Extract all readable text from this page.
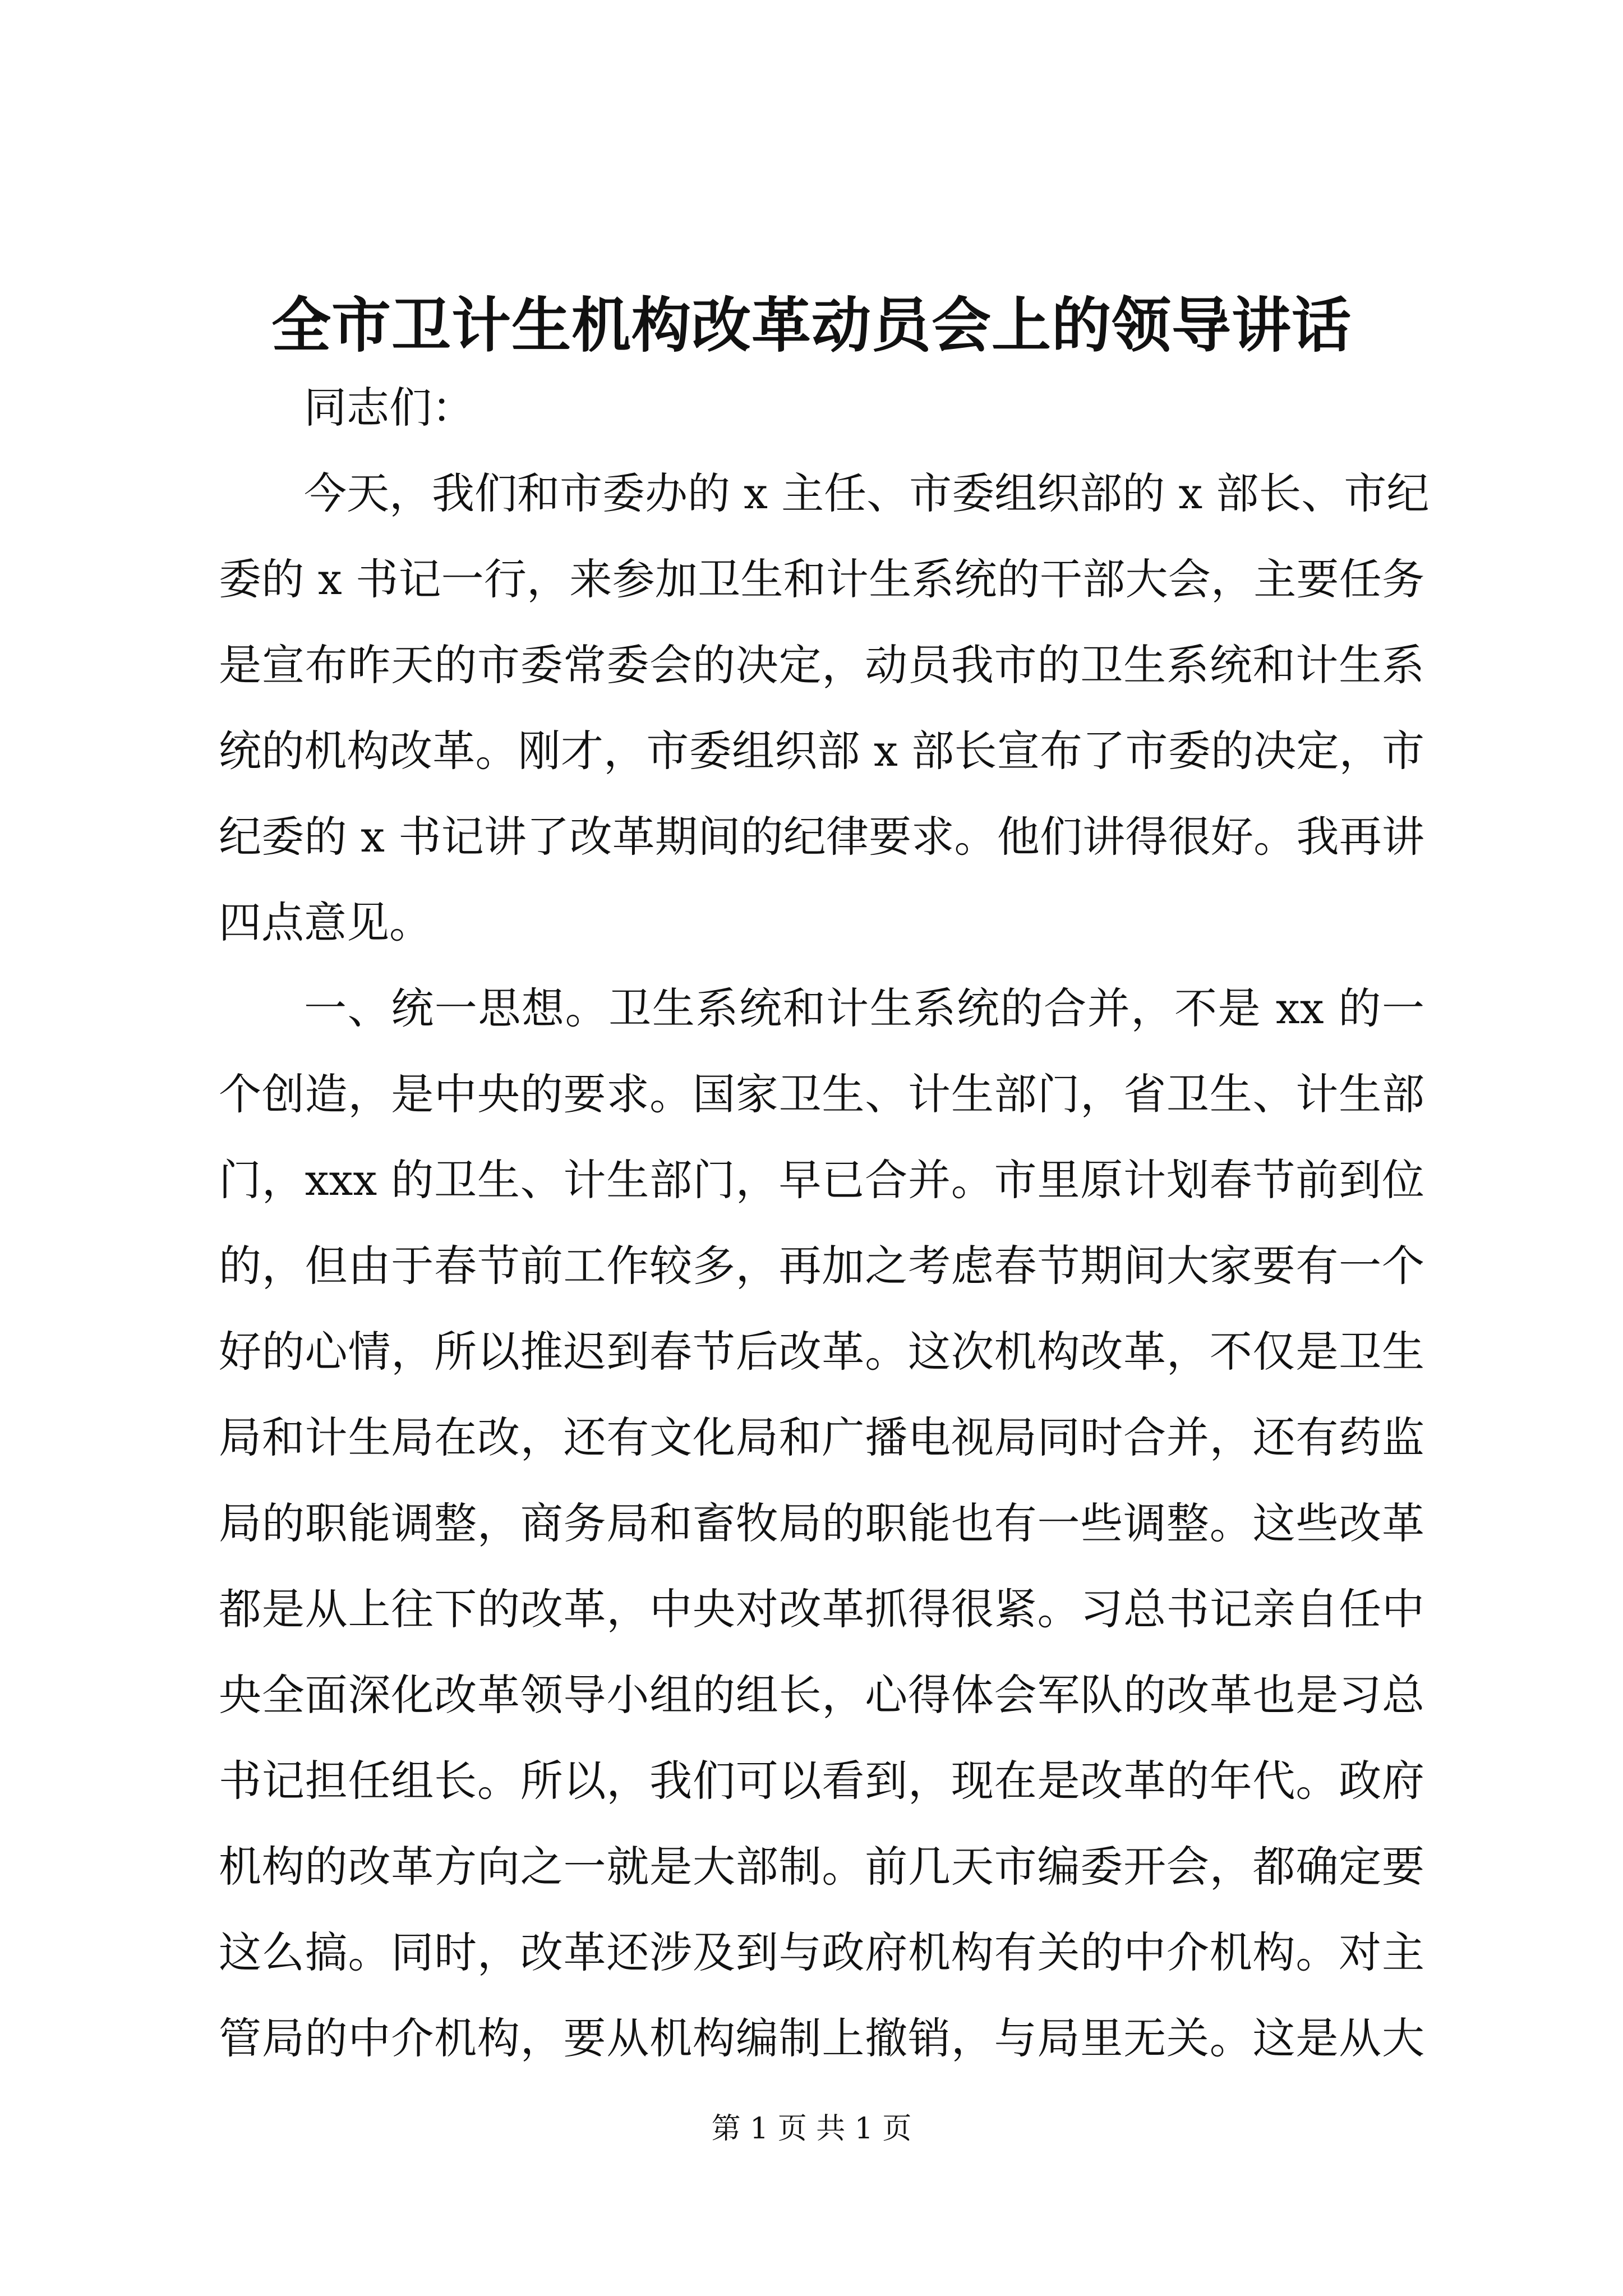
全市卫计生机构改革动员会上的领导讲话
同志们：
今天，我们和市委办的 x 主任、市委组织部的 x 部长、市纪
委的 x 书记一行，来参加卫生和计生系统的干部大会，主要任务
是宣布昨天的市委常委会的决定，动员我市的卫生系统和计生系
统的机构改革。刚才，市委组织部 x 部长宣布了市委的决定，市
纪委的 x 书记讲了改革期间的纪律要求。他们讲得很好。我再讲
四点意见。
一、统一思想。卫生系统和计生系统的合并，不是 xx 的一
个创造，是中央的要求。国家卫生、计生部门，省卫生、计生部
门，xxx 的卫生、计生部门，早已合并。市里原计划春节前到位
的，但由于春节前工作较多，再加之考虑春节期间大家要有一个
好的心情，所以推迟到春节后改革。这次机构改革，不仅是卫生
局和计生局在改，还有文化局和广播电视局同时合并，还有药监
局的职能调整，商务局和畜牧局的职能也有一些调整。这些改革
都是从上往下的改革，中央对改革抓得很紧。习总书记亲自任中
央全面深化改革领导小组的组长，心得体会军队的改革也是习总
书记担任组长。所以，我们可以看到，现在是改革的年代。政府
机构的改革方向之一就是大部制。前几天市编委开会，都确定要
这么搞。同时，改革还涉及到与政府机构有关的中介机构。对主
管局的中介机构，要从机构编制上撤销，与局里无关。这是从大
第 1 页 共 1 页
